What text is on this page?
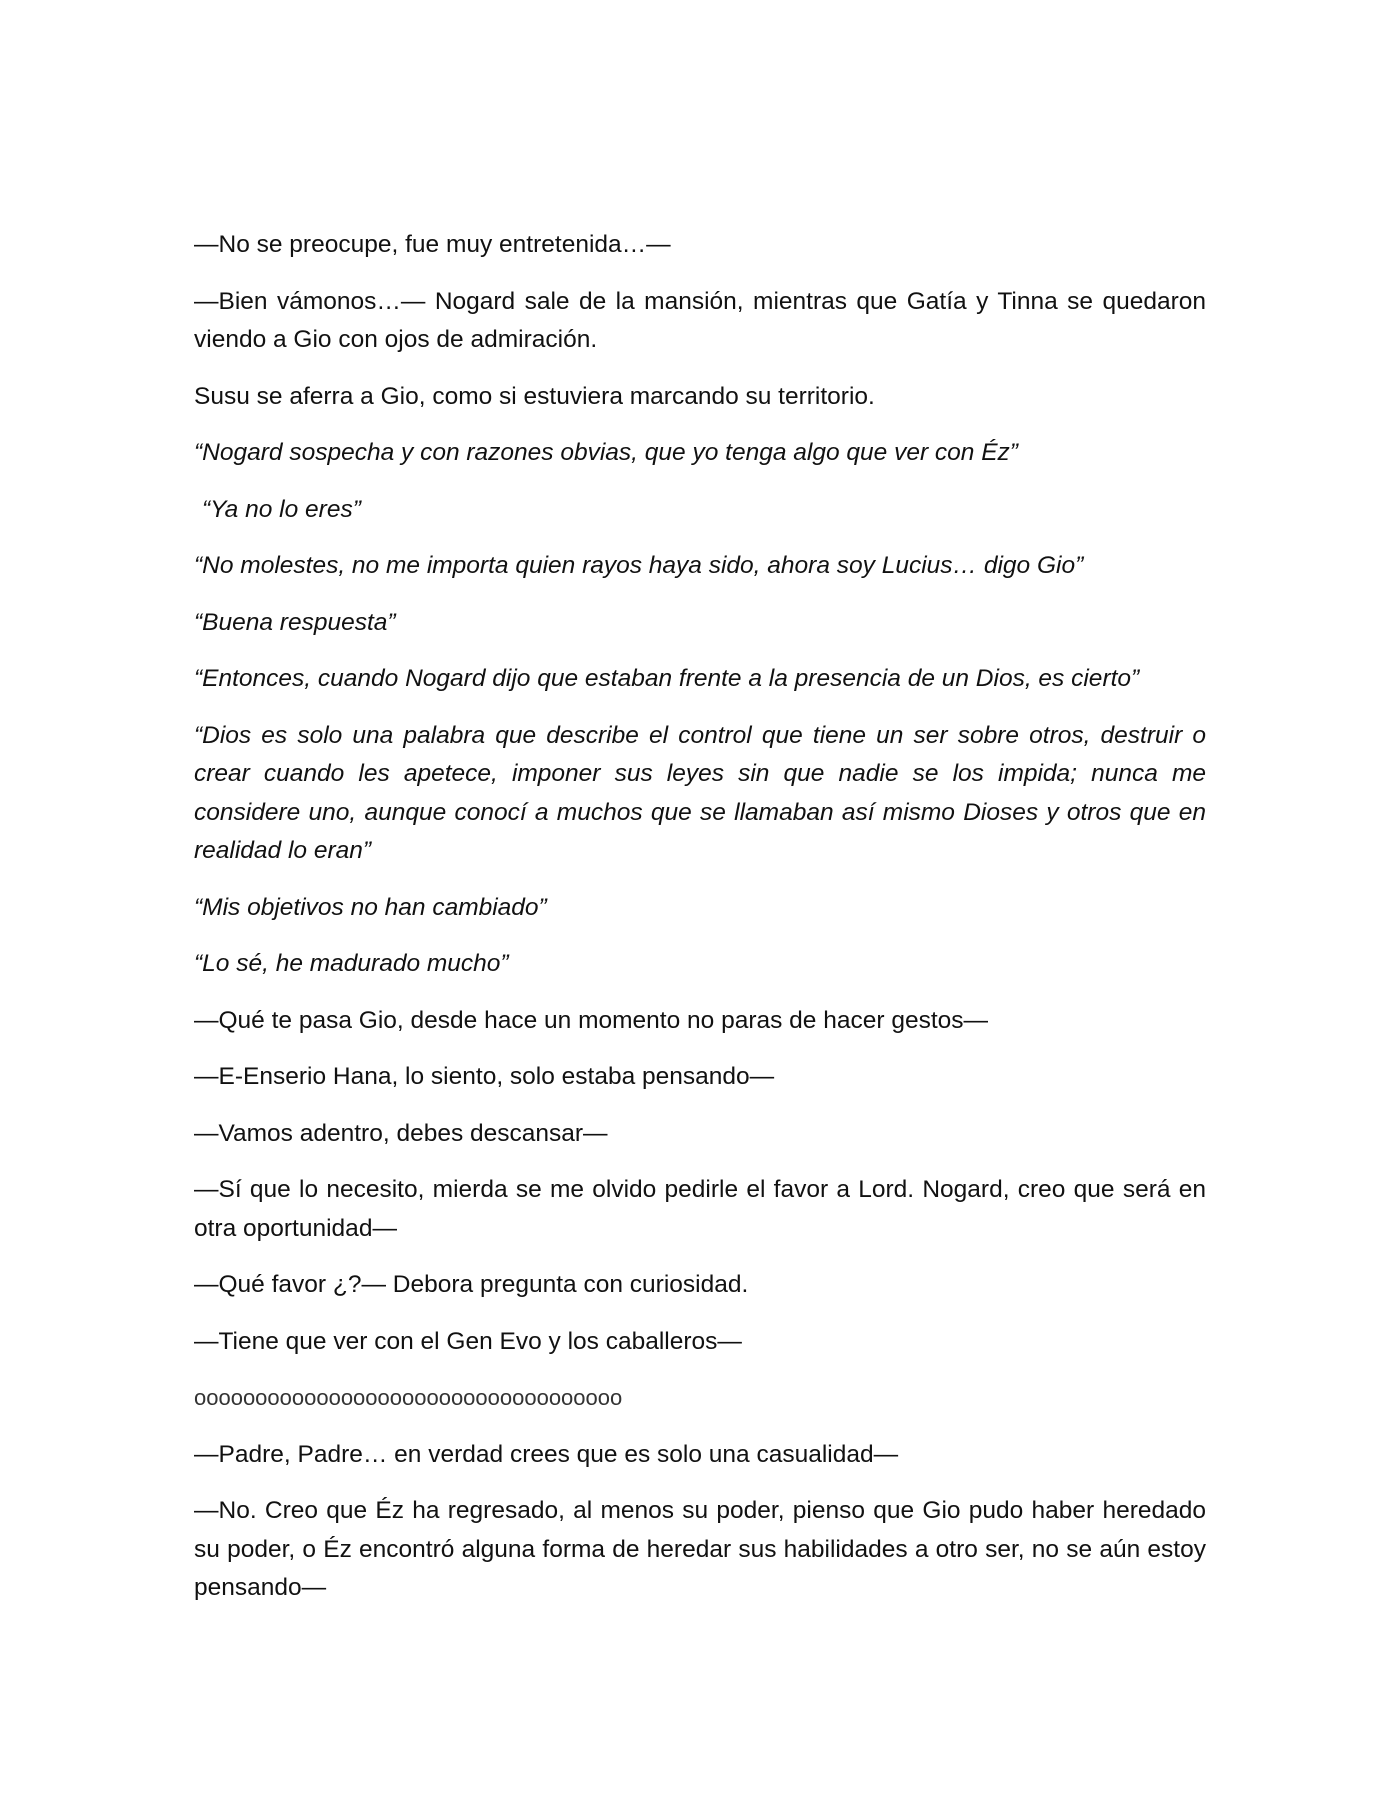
—No se preocupe, fue muy entretenida…—

—Bien vámonos…— Nogard sale de la mansión, mientras que Gatía y Tinna se quedaron viendo a Gio con ojos de admiración.

Susu se aferra a Gio, como si estuviera marcando su territorio.

“Nogard sospecha y con razones obvias, que yo tenga algo que ver con Éz”

“Ya no lo eres”

“No molestes, no me importa quien rayos haya sido, ahora soy Lucius… digo Gio”

“Buena respuesta”

“Entonces, cuando Nogard dijo que estaban frente a la presencia de un Dios, es cierto”

“Dios es solo una palabra que describe el control que tiene un ser sobre otros, destruir o crear cuando les apetece, imponer sus leyes sin que nadie se los impida; nunca me considere uno, aunque conocí a muchos que se llamaban así mismo Dioses y otros que en realidad lo eran”

“Mis objetivos no han cambiado”

“Lo sé, he madurado mucho”

—Qué te pasa Gio, desde hace un momento no paras de hacer gestos—

—E-Enserio Hana, lo siento, solo estaba pensando—

—Vamos adentro, debes descansar—

—Sí que lo necesito, mierda se me olvido pedirle el favor a Lord. Nogard, creo que será en otra oportunidad—

—Qué favor ¿?— Debora pregunta con curiosidad.

—Tiene que ver con el Gen Evo y los caballeros—

ooooooooooooooooooooooooooooooooooo

—Padre, Padre… en verdad crees que es solo una casualidad—

—No. Creo que Éz ha regresado, al menos su poder, pienso que Gio pudo haber heredado su poder, o Éz encontró alguna forma de heredar sus habilidades a otro ser, no se aún estoy pensando—
